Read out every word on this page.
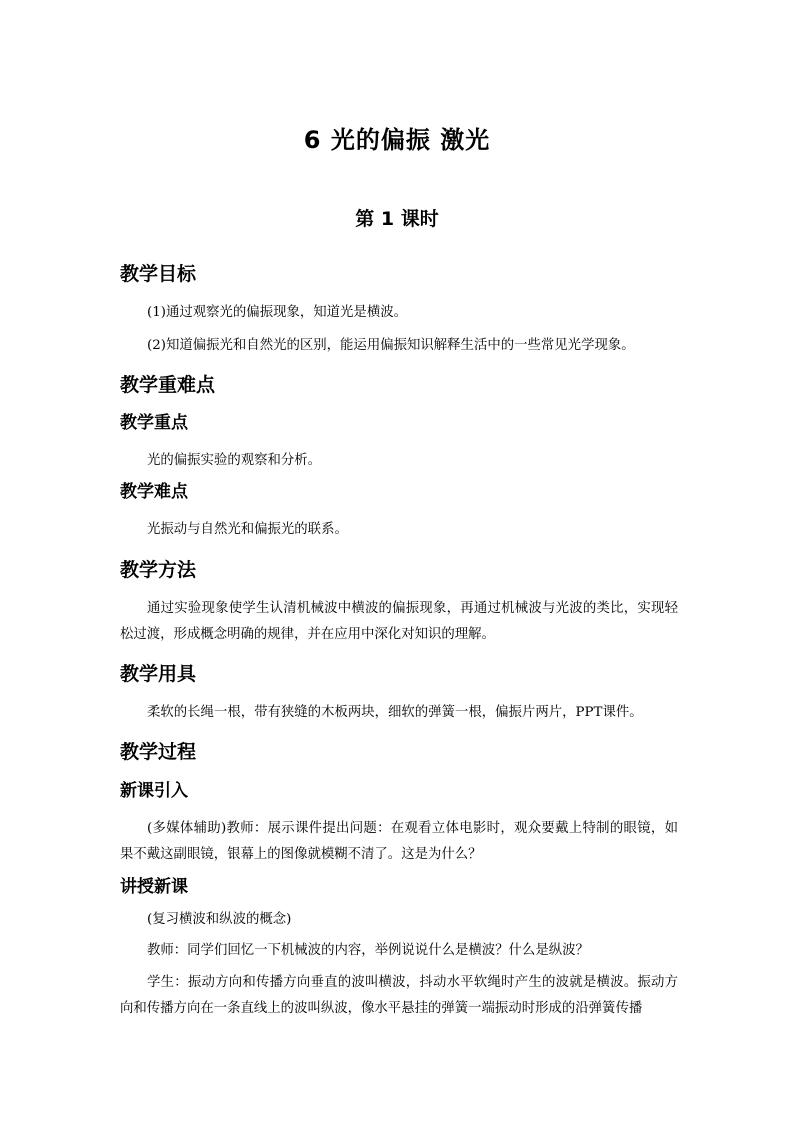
6 光的偏振 激光
第 1 课时
教学目标
(1)通过观察光的偏振现象，知道光是横波。
(2)知道偏振光和自然光的区别，能运用偏振知识解释生活中的一些常见光学现象。
教学重难点
教学重点
光的偏振实验的观察和分析。
教学难点
光振动与自然光和偏振光的联系。
教学方法
通过实验现象使学生认清机械波中横波的偏振现象，再通过机械波与光波的类比，实现轻松过渡，形成概念明确的规律，并在应用中深化对知识的理解。
教学用具
柔软的长绳一根，带有狭缝的木板两块，细软的弹簧一根，偏振片两片，PPT课件。
教学过程
新课引入
(多媒体辅助)教师：展示课件提出问题：在观看立体电影时，观众要戴上特制的眼镜，如果不戴这副眼镜，银幕上的图像就模糊不清了。这是为什么？
讲授新课
(复习横波和纵波的概念)
教师：同学们回忆一下机械波的内容，举例说说什么是横波？什么是纵波？
学生：振动方向和传播方向垂直的波叫横波，抖动水平软绳时产生的波就是横波。振动方向和传播方向在一条直线上的波叫纵波，像水平悬挂的弹簧一端振动时形成的沿弹簧传播
